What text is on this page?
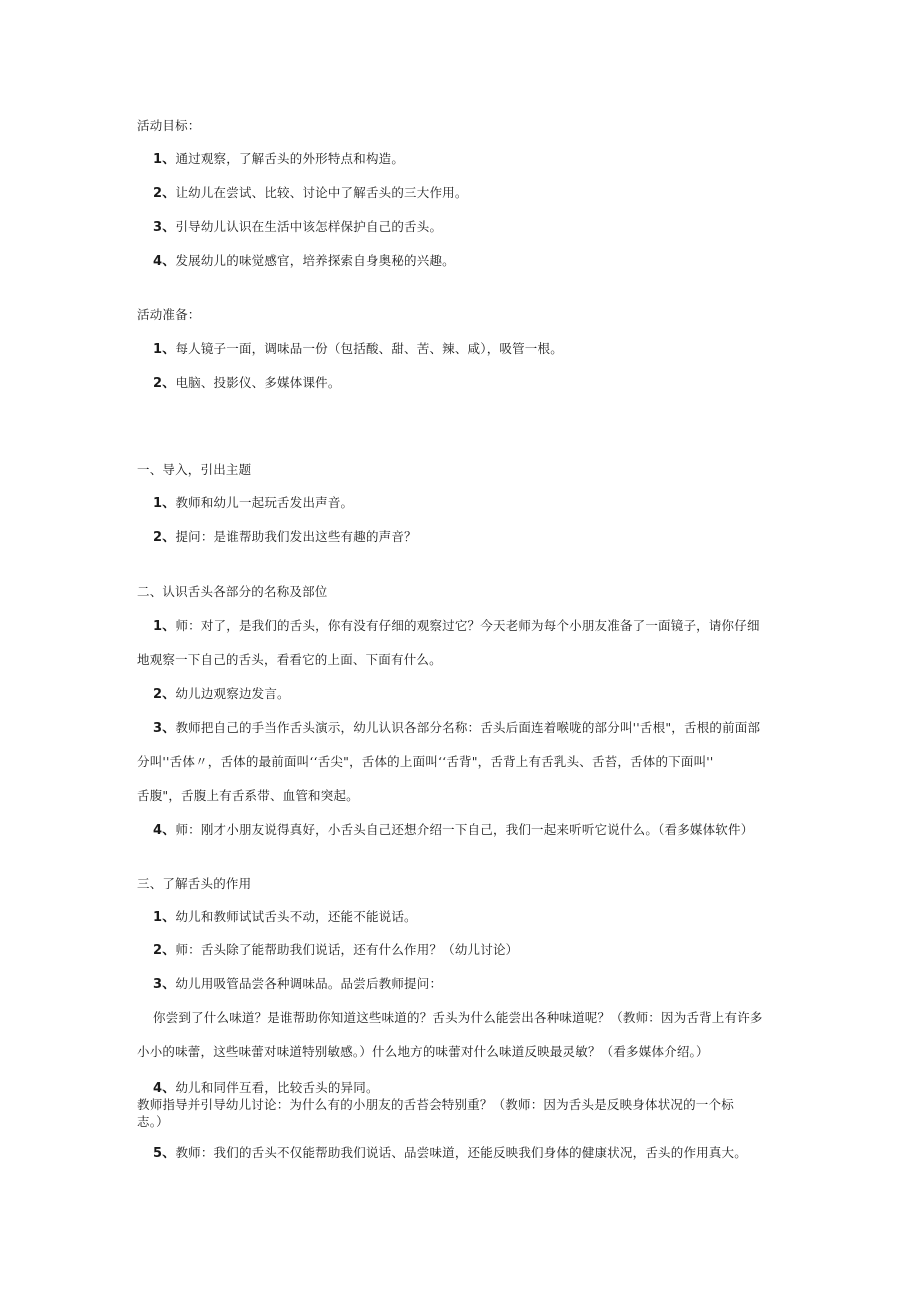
活动目标：
1、通过观察，了解舌头的外形特点和构造。
2、让幼儿在尝试、比较、讨论中了解舌头的三大作用。
3、引导幼儿认识在生活中该怎样保护自己的舌头。
4、发展幼儿的味觉感官，培养探索自身奥秘的兴趣。
活动准备：
1、每人镜子一面，调味品一份（包括酸、甜、苦、辣、咸），吸管一根。
2、电脑、投影仪、多媒体课件。
一、导入，引出主题
1、教师和幼儿一起玩舌发出声音。
2、提问：是谁帮助我们发出这些有趣的声音？
二、认识舌头各部分的名称及部位
1、师：对了，是我们的舌头，你有没有仔细的观察过它？今天老师为每个小朋友准备了一面镜子，请你仔细
地观察一下自己的舌头，看看它的上面、下面有什么。
2、幼儿边观察边发言。
3、教师把自己的手当作舌头演示，幼儿认识各部分名称：舌头后面连着喉咙的部分叫''舌根"，舌根的前面部
分叫''舌体〃，舌体的最前面叫‘‘舌尖"，舌体的上面叫‘‘舌背"，舌背上有舌乳头、舌苔，舌体的下面叫''
舌腹"，舌腹上有舌系带、血管和突起。
4、师：刚才小朋友说得真好，小舌头自己还想介绍一下自己，我们一起来听听它说什么。（看多媒体软件）
三、了解舌头的作用
1、幼儿和教师试试舌头不动，还能不能说话。
2、师：舌头除了能帮助我们说话，还有什么作用？（幼儿讨论）
3、幼儿用吸管品尝各种调味品。品尝后教师提问：
你尝到了什么味道？是谁帮助你知道这些味道的？舌头为什么能尝出各种味道呢？（教师：因为舌背上有许多
小小的味蕾，这些味蕾对味道特别敏感。）什么地方的味蕾对什么味道反映最灵敏？（看多媒体介绍。）
4、幼儿和同伴互看，比较舌头的异同。
教师指导并引导幼儿讨论：为什么有的小朋友的舌苔会特别重？（教师：因为舌头是反映身体状况的一个标
志。）
5、教师：我们的舌头不仅能帮助我们说话、品尝味道，还能反映我们身体的健康状况，舌头的作用真大。
